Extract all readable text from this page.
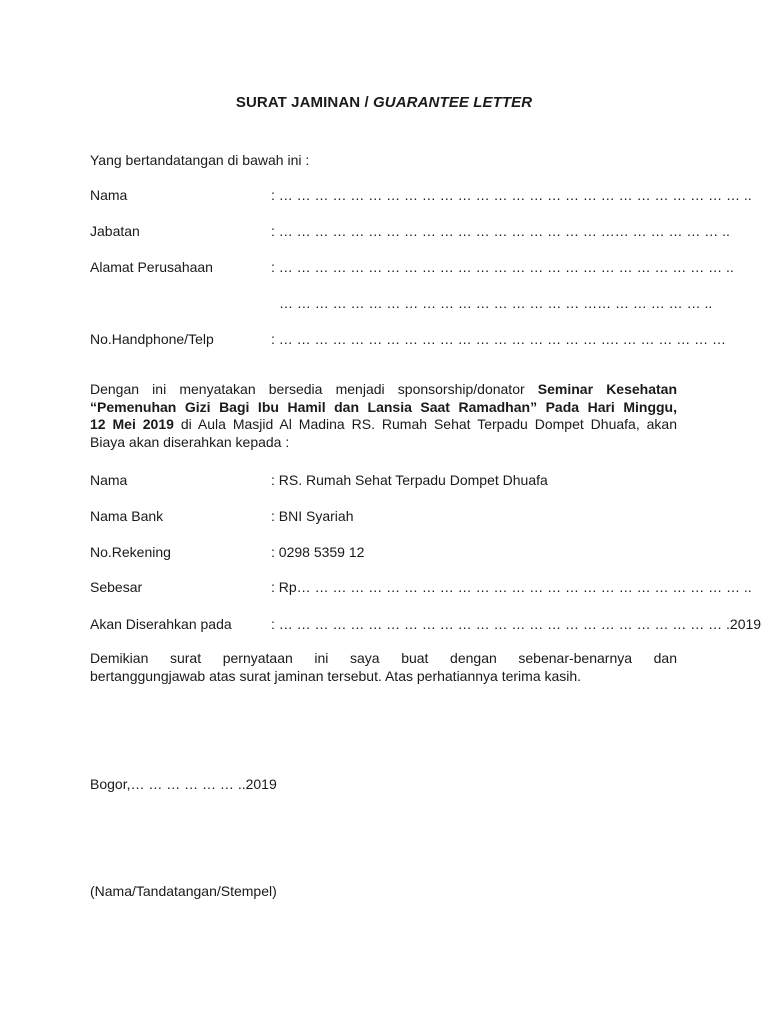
SURAT JAMINAN / GUARANTEE LETTER
Yang bertandatangan di bawah ini :
Nama	: … … … … … … … … … … … … … … … … … … … … … … … … … … ..
Jabatan	: … … … … … … … … … … … … … … … … … … …… … … … … … ..
Alamat Perusahaan	: … … … … … … … … … … … … … … … … … … … … … … … … … ..
… … … … … … … … … … … … … … … … … …… … … … … … ..
No.Handphone/Telp	: … … … … … … … … … … … … … … … … … … …. … … … … … …
Dengan ini menyatakan bersedia menjadi sponsorship/donator Seminar Kesehatan
“Pemenuhan Gizi Bagi Ibu Hamil dan Lansia Saat Ramadhan” Pada Hari Minggu,
12 Mei 2019 di Aula Masjid Al Madina RS. Rumah Sehat Terpadu Dompet Dhuafa, akan
Biaya akan diserahkan kepada :
Nama	: RS. Rumah Sehat Terpadu Dompet Dhuafa
Nama Bank	: BNI Syariah
No.Rekening	: 0298 5359 12
Sebesar	: Rp… … … … … … … … … … … … … … … … … … … … … … … … … ..
Akan Diserahkan pada	: … … … … … … … … … … … … … … … … … … … … … … … … … .2019
Demikian surat pernyataan ini saya buat dengan sebenar-benarnya dan
bertanggungjawab atas surat jaminan tersebut. Atas perhatiannya terima kasih.
Bogor,… … … … … … ..2019
(Nama/Tandatangan/Stempel)
